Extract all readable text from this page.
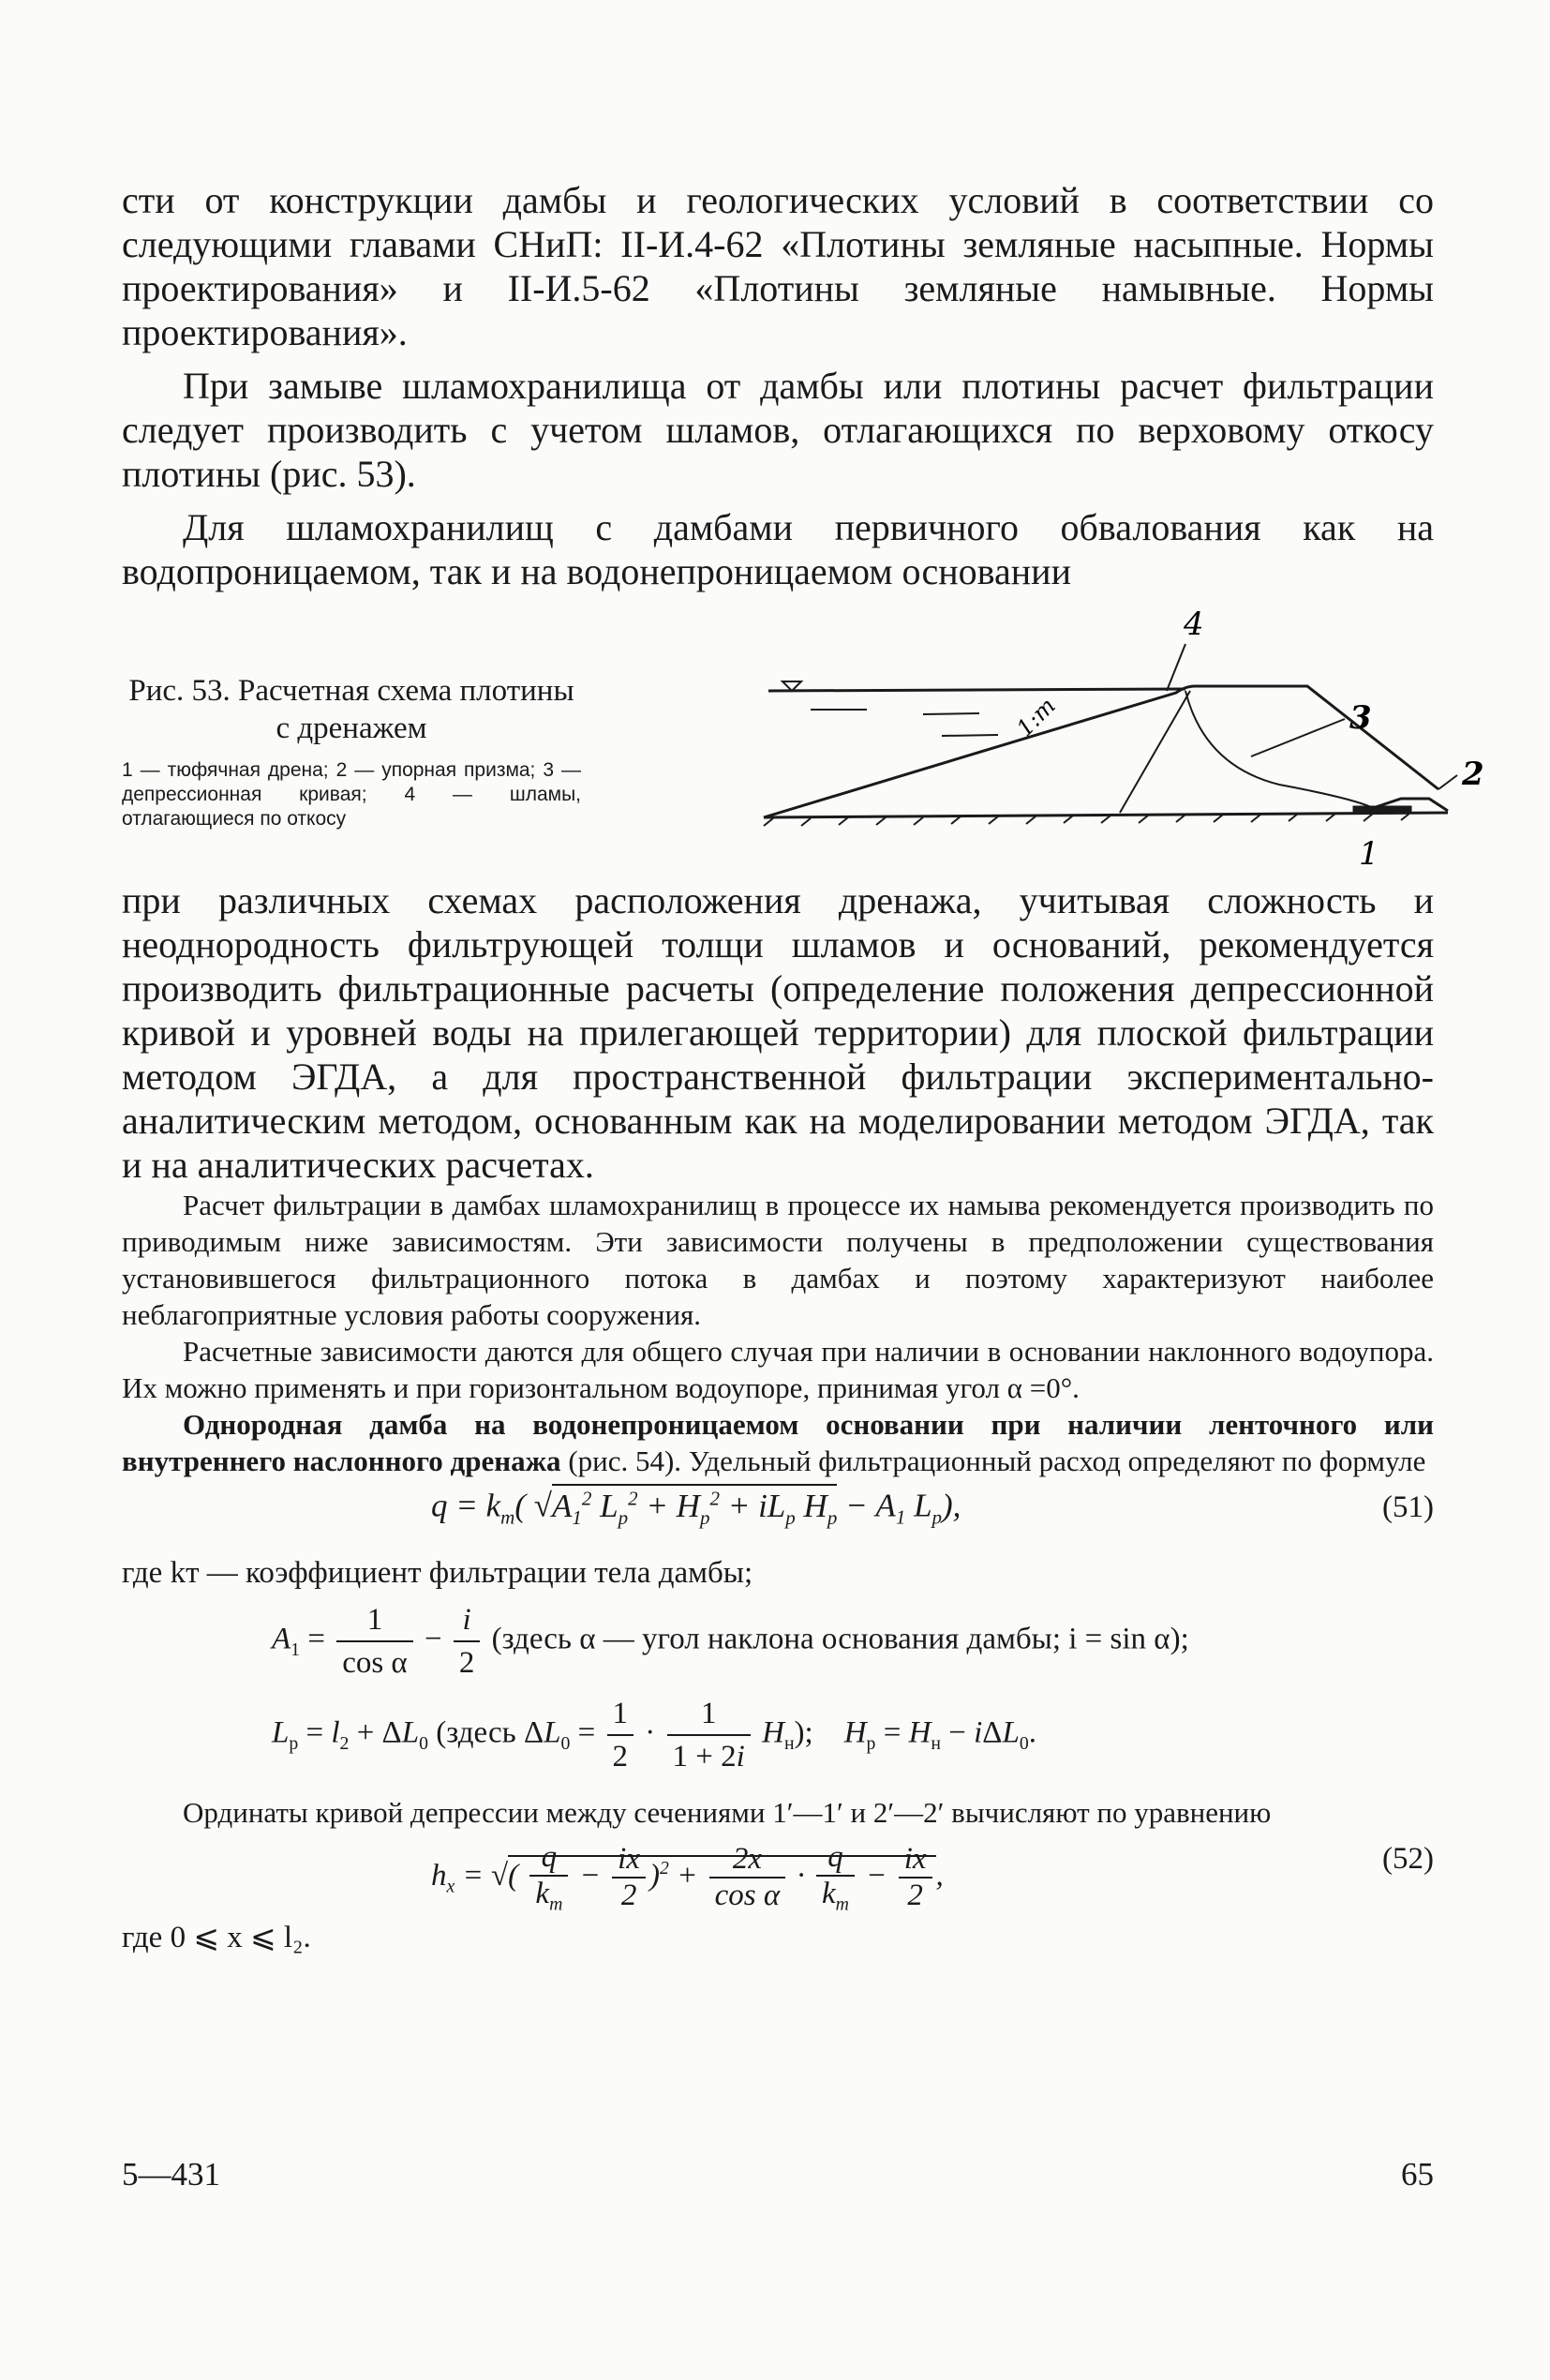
сти от конструкции дамбы и геологических условий в соответствии со следующими главами СНиП: II-И.4-62 «Плотины земляные насыпные. Нормы проектирования» и II-И.5-62 «Плотины земляные намывные. Нормы проектирования».

При замыве шламохранилища от дамбы или плотины расчет фильтрации следует производить с учетом шламов, отлагающихся по верховому откосу плотины (рис. 53).

Для шламохранилищ с дамбами первичного обвалования как на водопроницаемом, так и на водонепроницаемом основании

Рис. 53. Расчетная схема плотины с дренажем

1 — тюфячная дрена; 2 — упорная призма; 3 — депрессионная кривая; 4 — шламы, отлагающиеся по откосу

4
3
2
1
1:m

при различных схемах расположения дренажа, учитывая сложность и неоднородность фильтрующей толщи шламов и оснований, рекомендуется производить фильтрационные расчеты (определение положения депрессионной кривой и уровней воды на прилегающей территории) для плоской фильтрации методом ЭГДА, а для пространственной фильтрации экспериментально-аналитическим методом, основанным как на моделировании методом ЭГДА, так и на аналитических расчетах.

Расчет фильтрации в дамбах шламохранилищ в процессе их намыва рекомендуется производить по приводимым ниже зависимостям. Эти зависимости получены в предположении существования установившегося фильтрационного потока в дамбах и поэтому характеризуют наиболее неблагоприятные условия работы сооружения.

Расчетные зависимости даются для общего случая при наличии в основании наклонного водоупора. Их можно применять и при горизонтальном водоупоре, принимая угол α =0°.

Однородная дамба на водонепроницаемом основании при наличии ленточного или внутреннего наслонного дренажа (рис. 54). Удельный фильтрационный расход определяют по формуле

$q = k_т$( $√A_1^2$ $L_р^2 + H_р^2 + iL_р$ $H_р - A_1$ $L_р$),	(51)

где kт — коэффициент фильтрации тела дамбы;

$A_1 = \frac{1}{\text{cos α}} - \frac{i}{2}$ (здесь α — угол наклона основания дамбы; i = sin α);
$L_р = l_2 + \Delta L_0$ (здесь $\Delta L_0 = \frac{1}{2} \cdot \frac{1}{1 + 2i} H_н$);    $H_р = H_н - i\Delta L_0$.

Ординаты кривой депрессии между сечениями 1′—1′ и 2′—2′ вычисляют по уравнению

$h_x$ = √( $\frac{q}{k_т} - \frac{ix}{2} )^2 + \frac{2x}{\text{cos α}} \cdot \frac{q}{k_т} - \frac{ix}{2}$ ,	(52)

где 0 ⩽ x ⩽ l₂.

5—431	65
